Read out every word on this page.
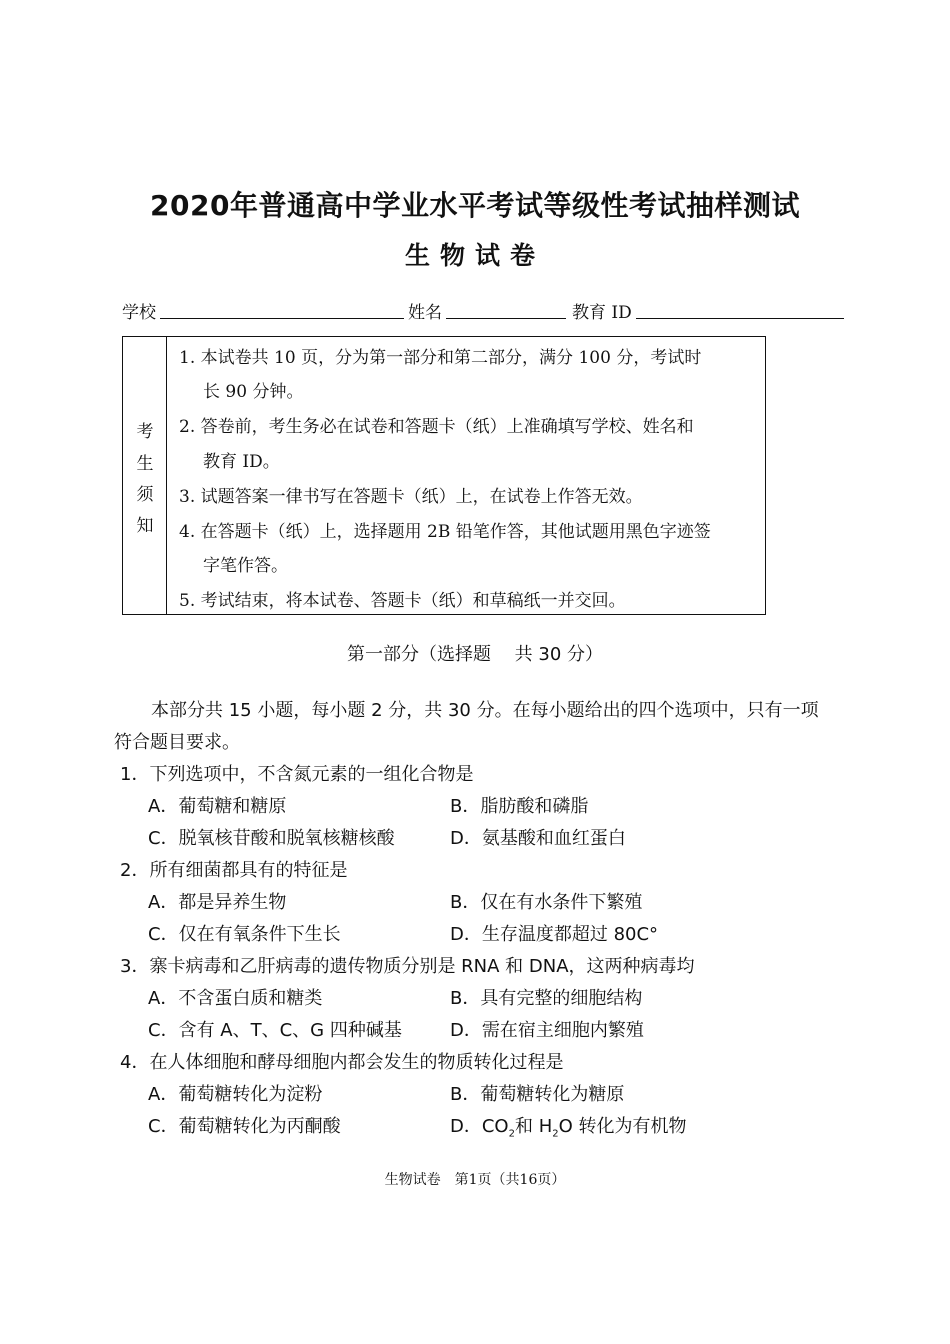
2020年普通高中学业水平考试等级性考试抽样测试
生物试卷
学校	姓名	教育 ID
考
生
须
知
1. 本试卷共 10 页，分为第一部分和第二部分，满分 100 分，考试时
长 90 分钟。
2. 答卷前，考生务必在试卷和答题卡（纸）上准确填写学校、姓名和
教育 ID。
3. 试题答案一律书写在答题卡（纸）上，在试卷上作答无效。
4. 在答题卡（纸）上，选择题用 2B 铅笔作答，其他试题用黑色字迹签
字笔作答。
5. 考试结束，将本试卷、答题卡（纸）和草稿纸一并交回。
第一部分（选择题　 共 30 分）
本部分共 15 小题，每小题 2 分，共 30 分。在每小题给出的四个选项中，只有一项
符合题目要求。
1．下列选项中，不含氮元素的一组化合物是
A．葡萄糖和糖原	B．脂肪酸和磷脂
C．脱氧核苷酸和脱氧核糖核酸	D．氨基酸和血红蛋白
2．所有细菌都具有的特征是
A．都是异养生物	B．仅在有水条件下繁殖
C．仅在有氧条件下生长	D．生存温度都超过 80C°
3．寨卡病毒和乙肝病毒的遗传物质分别是 RNA 和 DNA，这两种病毒均
A．不含蛋白质和糖类	B．具有完整的细胞结构
C．含有 A、T、C、G 四种碱基	D．需在宿主细胞内繁殖
4．在人体细胞和酵母细胞内都会发生的物质转化过程是
A．葡萄糖转化为淀粉	B．葡萄糖转化为糖原
C．葡萄糖转化为丙酮酸	D．$CO_2$和 $H_2O$ 转化为有机物
生物试卷　第1页（共16页）
